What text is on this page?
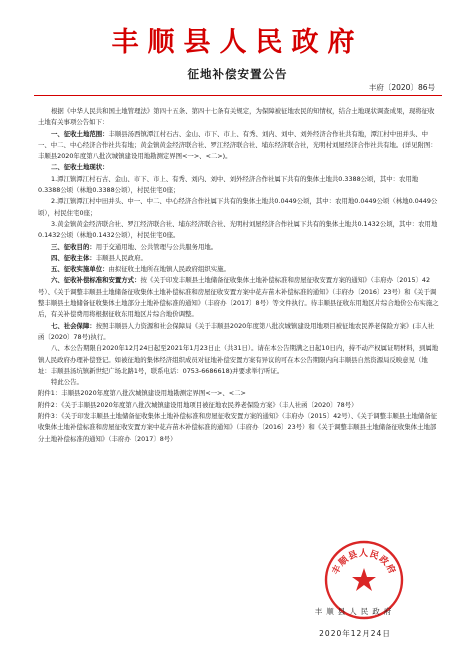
丰顺县人民政府
征地补偿安置公告
丰府〔2020〕86号

根据《中华人民共和国土地管理法》第四十五条、第四十七条有关规定，为保障被征地农民的知情权，结合土地现状调查成果，现将征收土地有关事项公告如下：

一、征收土地范围：丰顺县汤西镇潭江村石古、金山、市下、市上、有秀、刘内、刘中、刘外经济合作社共有地，潭江村中田并头、中一、中二、中心经济合作社共有地；黄金镇黄金经济联合社、罗江经济联合社、埔东经济联合社，光明村刘屋经济合作社共有地。(详见附图：丰顺县2020年度第八批次城镇建设用地勘测定界图<一>、<二>)。

二、征收土地现状：

1.潭江镇潭江村石古、金山、市下、市上、有秀、刘内、刘中、刘外经济合作社属下共有的集体土地共0.3388公顷，其中：农用地0.3388公顷（林地0.3388公顷），村民住宅0座；

2.潭江镇潭江村中田并头、中一、中二、中心经济合作社属下共有的集体土地共0.0449公顷，其中：农用地0.0449公顷（林地0.0449公顷），村民住宅0座；

3.黄金镇黄金经济联合社、罗江经济联合社、埔东经济联合社、光明村刘屋经济合作社属下共有的集体土地共0.1432公顷，其中：农用地0.1432公顷（林地0.1432公顷），村民住宅0座。

三、征收目的：用于交通用地、公共管理与公共服务用地。

四、征收主体：丰顺县人民政府。

五、征收实施单位：由拟征收土地所在地镇人民政府组织实施。

六、征收补偿标准和安置方式：按《关于印发丰顺县土地储备征收集体土地补偿标准和房屋征收安置方案的通知》（丰府办〔2015〕42号）、《关于调整丰顺县土地储备征收集体土地补偿标准和房屋征收安置方案中花卉苗木补偿标准的通知》（丰府办〔2016〕23号）和《关于调整丰顺县土地储备征收集体土地部分土地补偿标准的通知》（丰府办〔2017〕8号）等文件执行。待丰顺县征收东用地区片综合地价公布实施之后，有关补偿费用将根据征收东用地区片综合地价调整。

七、社会保障：按照丰顺县人力资源和社会保障局《关于丰顺县2020年度第八批次城镇建设用地项目被征地农民养老保险方案》(丰人社函〔2020〕78号)执行。

八、本公告期限自2020年12月24日起至2021年1月23日止（共31日）。请在本公告期满之日起10日内，持不动产权属证明材料，到属地镇人民政府办理补偿登记。如被征地的集体经济组织成员对征地补偿安置方案有异议的可在本公告期限内向丰顺县自然资源局反映意见（地址：丰顺县汤坑镇新世纪广场北路1号，联系电话：0753-6686618)并要求举行听证。

特此公告。

附件1：丰顺县2020年度第八批次城镇建设用地勘测定界图<一>、<二>

附件2：《关于丰顺县2020年度第八批次城镇建设用地项目被征地农民养老保险方案》（丰人社函〔2020〕78号）

附件3：《关于印发丰顺县土地储备征收集体土地补偿标准和房屋征收安置方案的通知》（丰府办〔2015〕42号）、《关于调整丰顺县土地储备征收集体土地补偿标准和房屋征收安置方案中花卉苗木补偿标准的通知》（丰府办〔2016〕23号）和《关于调整丰顺县土地储备征收集体土地部分土地补偿标准的通知》（丰府办〔2017〕8号）

丰顺县人民政府
丰顺县人民政府
2020年12月24日
